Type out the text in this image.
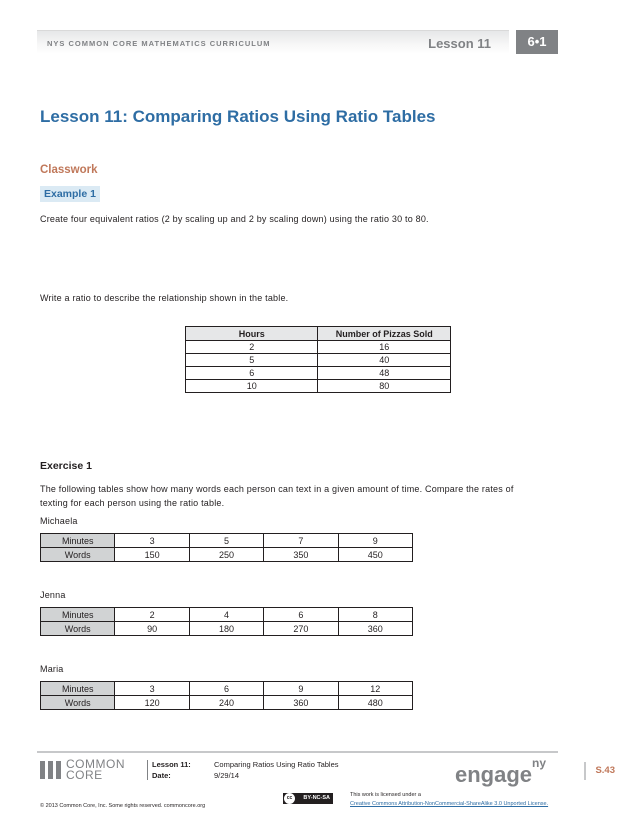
NYS COMMON CORE MATHEMATICS CURRICULUM	Lesson 11	6•1
Lesson 11: Comparing Ratios Using Ratio Tables
Classwork
Example 1
Create four equivalent ratios (2 by scaling up and 2 by scaling down) using the ratio 30 to 80.
Write a ratio to describe the relationship shown in the table.
Hours	Number of Pizzas Sold
2	16
5	40
6	48
10	80
Exercise 1
The following tables show how many words each person can text in a given amount of time. Compare the rates of
texting for each person using the ratio table.
Michaela
Minutes	3	5	7	9
Words	150	250	350	450
Jenna
Minutes	2	4	6	8
Words	90	180	270	360
Maria
Minutes	3	6	9	12
Words	120	240	360	480
COMMON
CORE
Lesson 11:
Date:
Comparing Ratios Using Ratio Tables
9/29/14	engage$^{ny}$
S.43
© 2013 Common Core, Inc. Some rights reserved. commoncore.org
cc	BY-NC-SA	This work is licensed under a
Creative Commons Attribution-NonCommercial-ShareAlike 3.0 Unported License.
